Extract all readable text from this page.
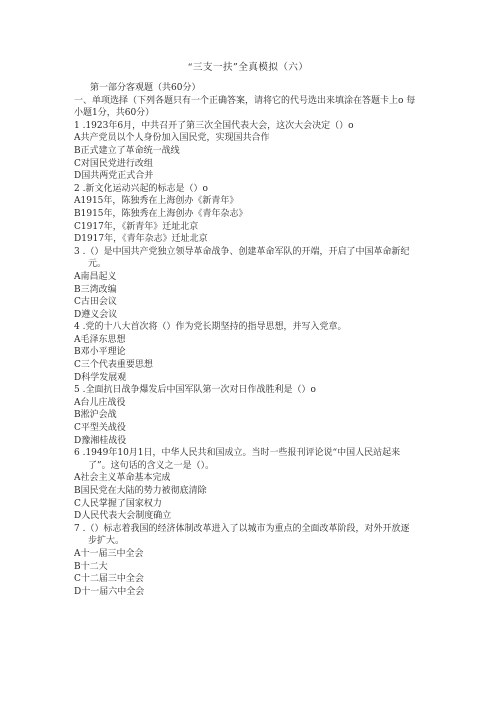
“三支一扶”全真模拟（六）
第一部分客观题（共60分）
一、单项选择（下列各题只有一个正确答案，请将它的代号选出来填涂在答题卡上o 每
小题1分，共60分）
1 .1923年6月，中共召开了第三次全国代表大会，这次大会决定（）o
A共产党员以个人身份加入国民党，实现国共合作
B正式建立了革命统一战线
C对国民党进行改组
D国共两党正式合并
2 .新文化运动兴起的标志是（）o
A1915年，陈独秀在上海创办《新青年》
B1915年，陈独秀在上海创办《青年杂志》
C1917年，《新青年》迁址北京
D1917年，《青年杂志》迁址北京
3 .（）是中国共产党独立领导革命战争、创建革命军队的开端，开启了中国革命新纪
元。
A南昌起义
B三湾改编
C古田会议
D遵义会议
4 .党的十八大首次将（）作为党长期坚持的指导思想，并写入党章。
A毛泽东思想
B邓小平理论
C三个代表重要思想
D科学发展观
5 .全面抗日战争爆发后中国军队第一次对日作战胜利是（）o
A台儿庄战役
B淞沪会战
C平型关战役
D豫湘桂战役
6 .1949年10月1日，中华人民共和国成立。当时一些报刊评论说“中国人民站起来
了”。这句话的含义之一是（）。
A社会主义革命基本完成
B国民党在大陆的势力被彻底清除
C人民掌握了国家权力
D人民代表大会制度确立
7 .（）标志着我国的经济体制改革进入了以城市为重点的全面改革阶段，对外开放逐
步扩大。
A十一届三中全会
B十二大
C十二届三中全会
D十一届六中全会
